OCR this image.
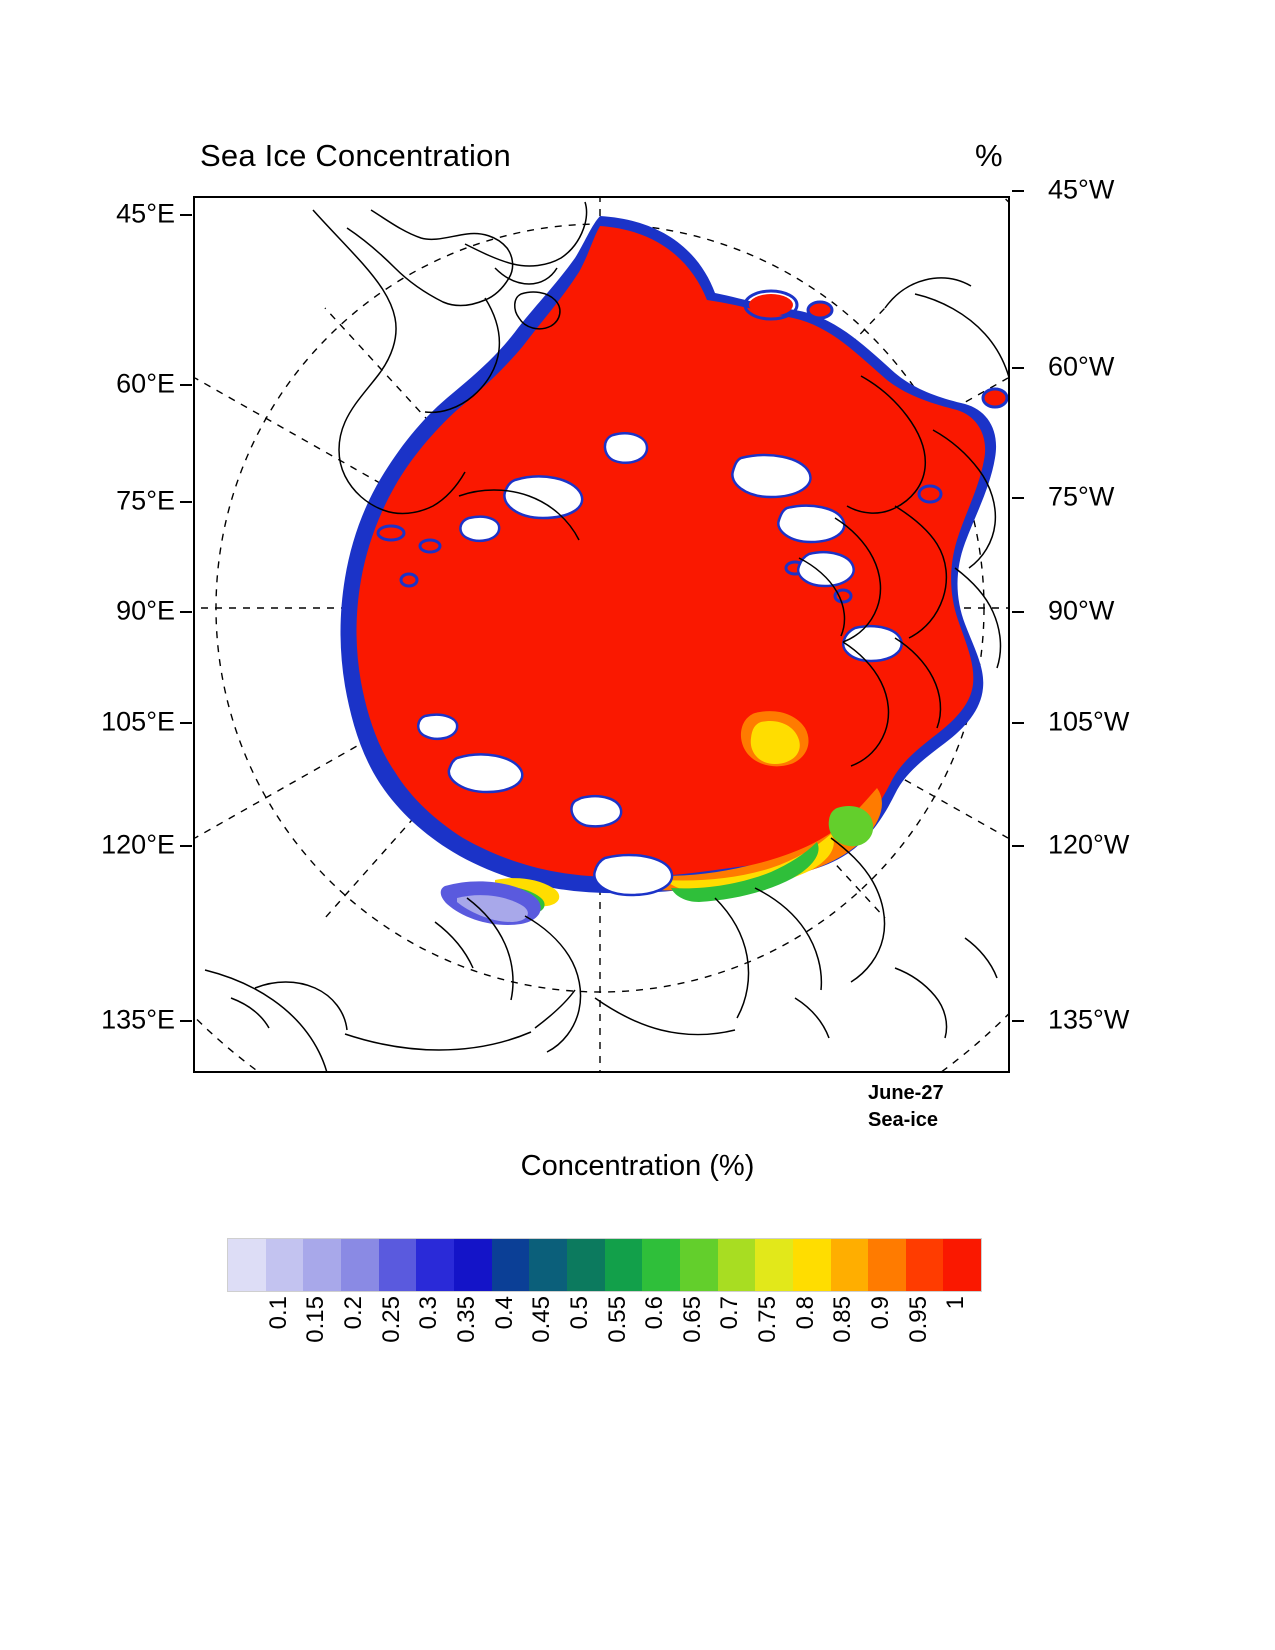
Sea Ice Concentration	%
45°E
60°E
75°E
90°E
105°E
120°E
135°E
45°W
60°W
75°W
90°W
105°W
120°W
135°W
June-27
Sea-ice
Concentration (%)
0.1 0.15 0.2 0.25 0.3 0.35 0.4 0.45 0.5 0.55 0.6 0.65 0.7 0.75 0.8 0.85 0.9 0.95 1
